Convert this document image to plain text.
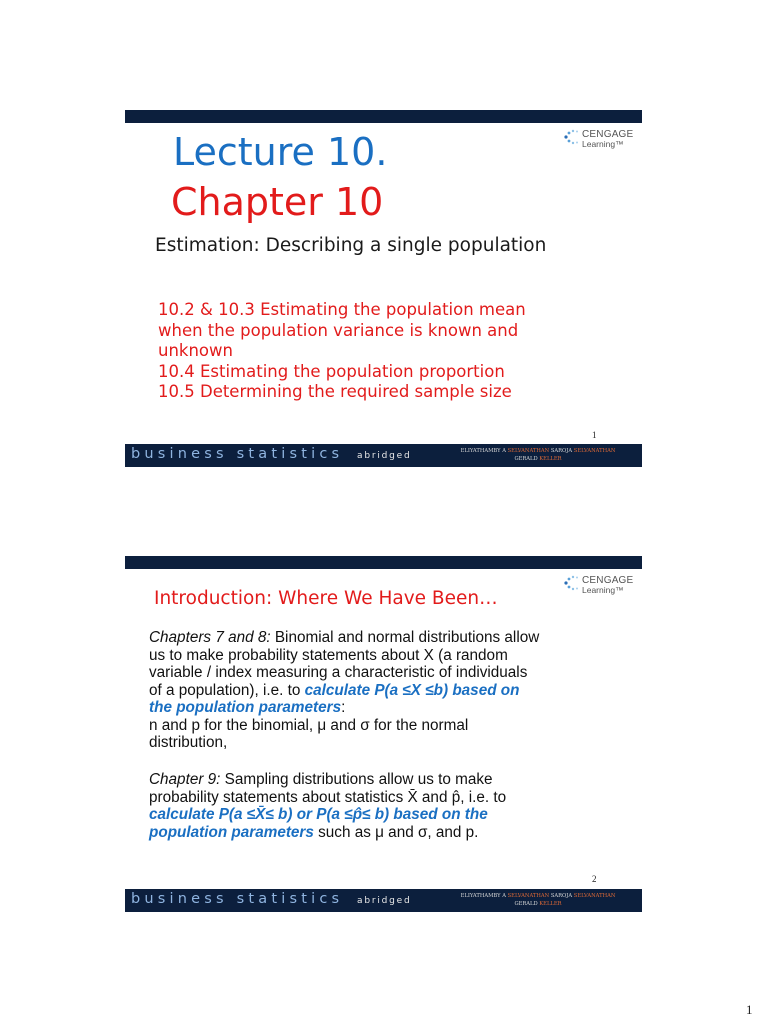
CENGAGE
Learning™
Lecture 10.
Chapter 10
Estimation: Describing a single population
10.2 & 10.3 Estimating the population mean
when the population variance is known and
unknown
10.4 Estimating the population proportion
10.5 Determining the required sample size
1
business statistics abridged	ELIYATHAMBY A SELVANATHAN SAROJA SELVANATHAN
GERALD KELLER
CENGAGE
Learning™
Introduction: Where We Have Been…
Chapters 7 and 8: Binomial and normal distributions allow
us to make probability statements about X (a random
variable / index measuring a characteristic of individuals
of a population), i.e. to calculate P(a ≤X ≤b) based on
the population parameters:
n and p for the binomial, μ and σ for the normal
distribution,
Chapter 9: Sampling distributions allow us to make
probability statements about statistics X̄ and p̂, i.e. to
calculate P(a ≤X̄≤ b) or P(a ≤p̂≤ b) based on the
population parameters such as μ and σ, and p.
2
business statistics abridged	ELIYATHAMBY A SELVANATHAN SAROJA SELVANATHAN
GERALD KELLER
1
